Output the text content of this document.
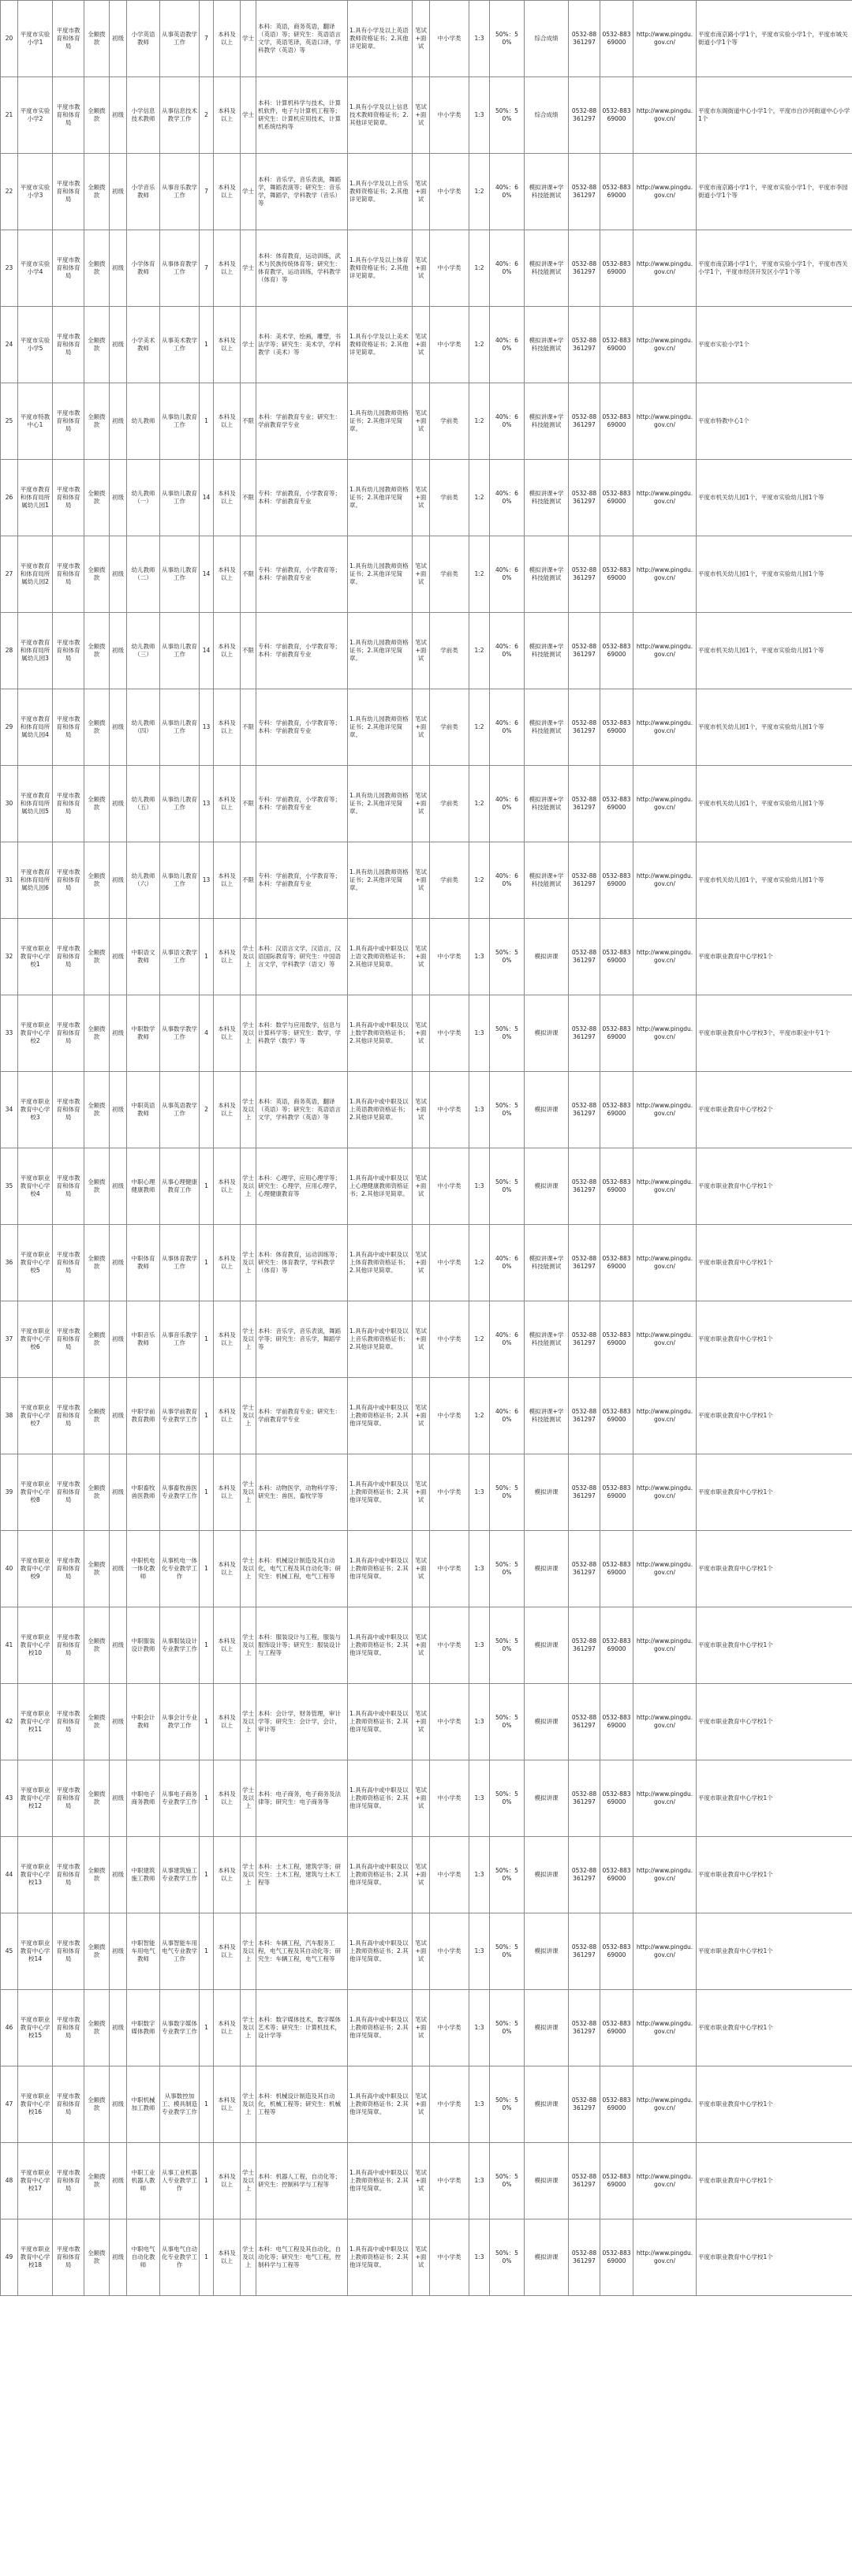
20	平度市实验小学1	平度市教育和体育局	全额拨款	初级	小学英语教师	从事英语教学工作	7	本科及以上	学士	本科：英语，商务英语，翻译（英语）等；研究生：英语语言文学，英语笔译，英语口译，学科教学（英语）等	1.具有小学及以上英语教师资格证书；2.其他详见简章。	笔试+面试	中小学类	1:3	50%：50%	综合成绩	0532-88361297	0532-88369000	http://www.pingdu.gov.cn/	平度市南京路小学1个，平度市实验小学1个，平度市城关街道小学1个等
21	平度市实验小学2	平度市教育和体育局	全额拨款	初级	小学信息技术教师	从事信息技术教学工作	2	本科及以上	学士	本科：计算机科学与技术，计算机软件，电子与计算机工程等；研究生：计算机应用技术，计算机系统结构等	1.具有小学及以上信息技术教师资格证书；2.其他详见简章。	笔试+面试	中小学类	1:3	50%：50%	综合成绩	0532-88361297	0532-88369000	http://www.pingdu.gov.cn/	平度市东阁街道中心小学1个，平度市白沙河街道中心小学1个
22	平度市实验小学3	平度市教育和体育局	全额拨款	初级	小学音乐教师	从事音乐教学工作	7	本科及以上	学士	本科：音乐学，音乐表演，舞蹈学，舞蹈表演等；研究生：音乐学，舞蹈学，学科教学（音乐）等	1.具有小学及以上音乐教师资格证书；2.其他详见简章。	笔试+面试	中小学类	1:2	40%：60%	模拟讲课+学科技能测试	0532-88361297	0532-88369000	http://www.pingdu.gov.cn/	平度市南京路小学1个，平度市实验小学1个，平度市李园街道小学1个等
23	平度市实验小学4	平度市教育和体育局	全额拨款	初级	小学体育教师	从事体育教学工作	7	本科及以上	学士	本科：体育教育，运动训练，武术与民族传统体育等；研究生：体育教学，运动训练，学科教学（体育）等	1.具有小学及以上体育教师资格证书；2.其他详见简章。	笔试+面试	中小学类	1:2	40%：60%	模拟讲课+学科技能测试	0532-88361297	0532-88369000	http://www.pingdu.gov.cn/	平度市南京路小学1个，平度市实验小学1个，平度市西关小学1个，平度市经济开发区小学1个等
24	平度市实验小学5	平度市教育和体育局	全额拨款	初级	小学美术教师	从事美术教学工作	1	本科及以上	学士	本科：美术学，绘画，雕塑，书法学等；研究生：美术学，学科教学（美术）等	1.具有小学及以上美术教师资格证书；2.其他详见简章。	笔试+面试	中小学类	1:2	40%：60%	模拟讲课+学科技能测试	0532-88361297	0532-88369000	http://www.pingdu.gov.cn/	平度市实验小学1个
25	平度市特教中心1	平度市教育和体育局	全额拨款	初级	幼儿教师	从事幼儿教育工作	1	本科及以上	不限	本科：学前教育专业；研究生：学前教育学专业	1.具有幼儿园教师资格证书；2.其他详见简章。	笔试+面试	学前类	1:2	40%：60%	模拟讲课+学科技能测试	0532-88361297	0532-88369000	http://www.pingdu.gov.cn/	平度市特教中心1个
26	平度市教育和体育局所属幼儿园1	平度市教育和体育局	全额拨款	初级	幼儿教师（一）	从事幼儿教育工作	14	本科及以上	不限	专科：学前教育，小学教育等；本科：学前教育专业	1.具有幼儿园教师资格证书；2.其他详见简章。	笔试+面试	学前类	1:2	40%：60%	模拟讲课+学科技能测试	0532-88361297	0532-88369000	http://www.pingdu.gov.cn/	平度市机关幼儿园1个，平度市实验幼儿园1个等
27	平度市教育和体育局所属幼儿园2	平度市教育和体育局	全额拨款	初级	幼儿教师（二）	从事幼儿教育工作	14	本科及以上	不限	专科：学前教育，小学教育等；本科：学前教育专业	1.具有幼儿园教师资格证书；2.其他详见简章。	笔试+面试	学前类	1:2	40%：60%	模拟讲课+学科技能测试	0532-88361297	0532-88369000	http://www.pingdu.gov.cn/	平度市机关幼儿园1个，平度市实验幼儿园1个等
28	平度市教育和体育局所属幼儿园3	平度市教育和体育局	全额拨款	初级	幼儿教师（三）	从事幼儿教育工作	14	本科及以上	不限	专科：学前教育，小学教育等；本科：学前教育专业	1.具有幼儿园教师资格证书；2.其他详见简章。	笔试+面试	学前类	1:2	40%：60%	模拟讲课+学科技能测试	0532-88361297	0532-88369000	http://www.pingdu.gov.cn/	平度市机关幼儿园1个，平度市实验幼儿园1个等
29	平度市教育和体育局所属幼儿园4	平度市教育和体育局	全额拨款	初级	幼儿教师（四）	从事幼儿教育工作	13	本科及以上	不限	专科：学前教育，小学教育等；本科：学前教育专业	1.具有幼儿园教师资格证书；2.其他详见简章。	笔试+面试	学前类	1:2	40%：60%	模拟讲课+学科技能测试	0532-88361297	0532-88369000	http://www.pingdu.gov.cn/	平度市机关幼儿园1个，平度市实验幼儿园1个等
30	平度市教育和体育局所属幼儿园5	平度市教育和体育局	全额拨款	初级	幼儿教师（五）	从事幼儿教育工作	13	本科及以上	不限	专科：学前教育，小学教育等；本科：学前教育专业	1.具有幼儿园教师资格证书；2.其他详见简章。	笔试+面试	学前类	1:2	40%：60%	模拟讲课+学科技能测试	0532-88361297	0532-88369000	http://www.pingdu.gov.cn/	平度市机关幼儿园1个，平度市实验幼儿园1个等
31	平度市教育和体育局所属幼儿园6	平度市教育和体育局	全额拨款	初级	幼儿教师（六）	从事幼儿教育工作	13	本科及以上	不限	专科：学前教育，小学教育等；本科：学前教育专业	1.具有幼儿园教师资格证书；2.其他详见简章。	笔试+面试	学前类	1:2	40%：60%	模拟讲课+学科技能测试	0532-88361297	0532-88369000	http://www.pingdu.gov.cn/	平度市机关幼儿园1个，平度市实验幼儿园1个等
32	平度市职业教育中心学校1	平度市教育和体育局	全额拨款	初级	中职语文教师	从事语文教学工作	1	本科及以上	学士及以上	本科：汉语言文学，汉语言，汉语国际教育等；研究生：中国语言文学，学科教学（语文）等	1.具有高中或中职及以上语文教师资格证书；2.其他详见简章。	笔试+面试	中小学类	1:3	50%：50%	模拟讲课	0532-88361297	0532-88369000	http://www.pingdu.gov.cn/	平度市职业教育中心学校1个
33	平度市职业教育中心学校2	平度市教育和体育局	全额拨款	初级	中职数学教师	从事数学教学工作	4	本科及以上	学士及以上	本科：数学与应用数学，信息与计算科学等；研究生：数学，学科教学（数学）等	1.具有高中或中职及以上数学教师资格证书；2.其他详见简章。	笔试+面试	中小学类	1:3	50%：50%	模拟讲课	0532-88361297	0532-88369000	http://www.pingdu.gov.cn/	平度市职业教育中心学校3个，平度市职业中专1个
34	平度市职业教育中心学校3	平度市教育和体育局	全额拨款	初级	中职英语教师	从事英语教学工作	2	本科及以上	学士及以上	本科：英语，商务英语，翻译（英语）等；研究生：英语语言文学，学科教学（英语）等	1.具有高中或中职及以上英语教师资格证书；2.其他详见简章。	笔试+面试	中小学类	1:3	50%：50%	模拟讲课	0532-88361297	0532-88369000	http://www.pingdu.gov.cn/	平度市职业教育中心学校2个
35	平度市职业教育中心学校4	平度市教育和体育局	全额拨款	初级	中职心理健康教师	从事心理健康教育工作	1	本科及以上	学士及以上	本科：心理学，应用心理学等；研究生：心理学，应用心理学，心理健康教育等	1.具有高中或中职及以上心理健康教师资格证书；2.其他详见简章。	笔试+面试	中小学类	1:3	50%：50%	模拟讲课	0532-88361297	0532-88369000	http://www.pingdu.gov.cn/	平度市职业教育中心学校1个
36	平度市职业教育中心学校5	平度市教育和体育局	全额拨款	初级	中职体育教师	从事体育教学工作	1	本科及以上	学士及以上	本科：体育教育，运动训练等；研究生：体育教学，学科教学（体育）等	1.具有高中或中职及以上体育教师资格证书；2.其他详见简章。	笔试+面试	中小学类	1:2	40%：60%	模拟讲课+学科技能测试	0532-88361297	0532-88369000	http://www.pingdu.gov.cn/	平度市职业教育中心学校1个
37	平度市职业教育中心学校6	平度市教育和体育局	全额拨款	初级	中职音乐教师	从事音乐教学工作	1	本科及以上	学士及以上	本科：音乐学，音乐表演，舞蹈学等；研究生：音乐学，舞蹈学等	1.具有高中或中职及以上音乐教师资格证书；2.其他详见简章。	笔试+面试	中小学类	1:2	40%：60%	模拟讲课+学科技能测试	0532-88361297	0532-88369000	http://www.pingdu.gov.cn/	平度市职业教育中心学校1个
38	平度市职业教育中心学校7	平度市教育和体育局	全额拨款	初级	中职学前教育教师	从事学前教育专业教学工作	1	本科及以上	学士及以上	本科：学前教育专业；研究生：学前教育学专业	1.具有高中或中职及以上教师资格证书；2.其他详见简章。	笔试+面试	中小学类	1:2	40%：60%	模拟讲课+学科技能测试	0532-88361297	0532-88369000	http://www.pingdu.gov.cn/	平度市职业教育中心学校1个
39	平度市职业教育中心学校8	平度市教育和体育局	全额拨款	初级	中职畜牧兽医教师	从事畜牧兽医专业教学工作	1	本科及以上	学士及以上	本科：动物医学，动物科学等；研究生：兽医，畜牧学等	1.具有高中或中职及以上教师资格证书；2.其他详见简章。	笔试+面试	中小学类	1:3	50%：50%	模拟讲课	0532-88361297	0532-88369000	http://www.pingdu.gov.cn/	平度市职业教育中心学校1个
40	平度市职业教育中心学校9	平度市教育和体育局	全额拨款	初级	中职机电一体化教师	从事机电一体化专业教学工作	1	本科及以上	学士及以上	本科：机械设计制造及其自动化，电气工程及其自动化等；研究生：机械工程，电气工程等	1.具有高中或中职及以上教师资格证书；2.其他详见简章。	笔试+面试	中小学类	1:3	50%：50%	模拟讲课	0532-88361297	0532-88369000	http://www.pingdu.gov.cn/	平度市职业教育中心学校1个
41	平度市职业教育中心学校10	平度市教育和体育局	全额拨款	初级	中职服装设计教师	从事服装设计专业教学工作	1	本科及以上	学士及以上	本科：服装设计与工程，服装与服饰设计等；研究生：服装设计与工程等	1.具有高中或中职及以上教师资格证书；2.其他详见简章。	笔试+面试	中小学类	1:3	50%：50%	模拟讲课	0532-88361297	0532-88369000	http://www.pingdu.gov.cn/	平度市职业教育中心学校1个
42	平度市职业教育中心学校11	平度市教育和体育局	全额拨款	初级	中职会计教师	从事会计专业教学工作	1	本科及以上	学士及以上	本科：会计学，财务管理，审计学等；研究生：会计学，会计，审计等	1.具有高中或中职及以上教师资格证书；2.其他详见简章。	笔试+面试	中小学类	1:3	50%：50%	模拟讲课	0532-88361297	0532-88369000	http://www.pingdu.gov.cn/	平度市职业教育中心学校1个
43	平度市职业教育中心学校12	平度市教育和体育局	全额拨款	初级	中职电子商务教师	从事电子商务专业教学工作	1	本科及以上	学士及以上	本科：电子商务，电子商务及法律等；研究生：电子商务等	1.具有高中或中职及以上教师资格证书；2.其他详见简章。	笔试+面试	中小学类	1:3	50%：50%	模拟讲课	0532-88361297	0532-88369000	http://www.pingdu.gov.cn/	平度市职业教育中心学校1个
44	平度市职业教育中心学校13	平度市教育和体育局	全额拨款	初级	中职建筑施工教师	从事建筑施工专业教学工作	1	本科及以上	学士及以上	本科：土木工程，建筑学等；研究生：土木工程，建筑与土木工程等	1.具有高中或中职及以上教师资格证书；2.其他详见简章。	笔试+面试	中小学类	1:3	50%：50%	模拟讲课	0532-88361297	0532-88369000	http://www.pingdu.gov.cn/	平度市职业教育中心学校1个
45	平度市职业教育中心学校14	平度市教育和体育局	全额拨款	初级	中职智能车用电气教师	从事智能车用电气专业教学工作	1	本科及以上	学士及以上	本科：车辆工程，汽车服务工程，电气工程及其自动化等；研究生：车辆工程，电气工程等	1.具有高中或中职及以上教师资格证书；2.其他详见简章。	笔试+面试	中小学类	1:3	50%：50%	模拟讲课	0532-88361297	0532-88369000	http://www.pingdu.gov.cn/	平度市职业教育中心学校1个
46	平度市职业教育中心学校15	平度市教育和体育局	全额拨款	初级	中职数字媒体教师	从事数字媒体专业教学工作	1	本科及以上	学士及以上	本科：数字媒体技术，数字媒体艺术等；研究生：计算机技术，设计学等	1.具有高中或中职及以上教师资格证书；2.其他详见简章。	笔试+面试	中小学类	1:3	50%：50%	模拟讲课	0532-88361297	0532-88369000	http://www.pingdu.gov.cn/	平度市职业教育中心学校1个
47	平度市职业教育中心学校16	平度市教育和体育局	全额拨款	初级	中职机械加工教师	从事数控加工、模具制造专业教学工作	1	本科及以上	学士及以上	本科：机械设计制造及其自动化，机械工程等；研究生：机械工程等	1.具有高中或中职及以上教师资格证书；2.其他详见简章。	笔试+面试	中小学类	1:3	50%：50%	模拟讲课	0532-88361297	0532-88369000	http://www.pingdu.gov.cn/	平度市职业教育中心学校1个
48	平度市职业教育中心学校17	平度市教育和体育局	全额拨款	初级	中职工业机器人教师	从事工业机器人专业教学工作	1	本科及以上	学士及以上	本科：机器人工程，自动化等；研究生：控制科学与工程等	1.具有高中或中职及以上教师资格证书；2.其他详见简章。	笔试+面试	中小学类	1:3	50%：50%	模拟讲课	0532-88361297	0532-88369000	http://www.pingdu.gov.cn/	平度市职业教育中心学校1个
49	平度市职业教育中心学校18	平度市教育和体育局	全额拨款	初级	中职电气自动化教师	从事电气自动化专业教学工作	1	本科及以上	学士及以上	本科：电气工程及其自动化，自动化等；研究生：电气工程，控制科学与工程等	1.具有高中或中职及以上教师资格证书；2.其他详见简章。	笔试+面试	中小学类	1:3	50%：50%	模拟讲课	0532-88361297	0532-88369000	http://www.pingdu.gov.cn/	平度市职业教育中心学校1个
